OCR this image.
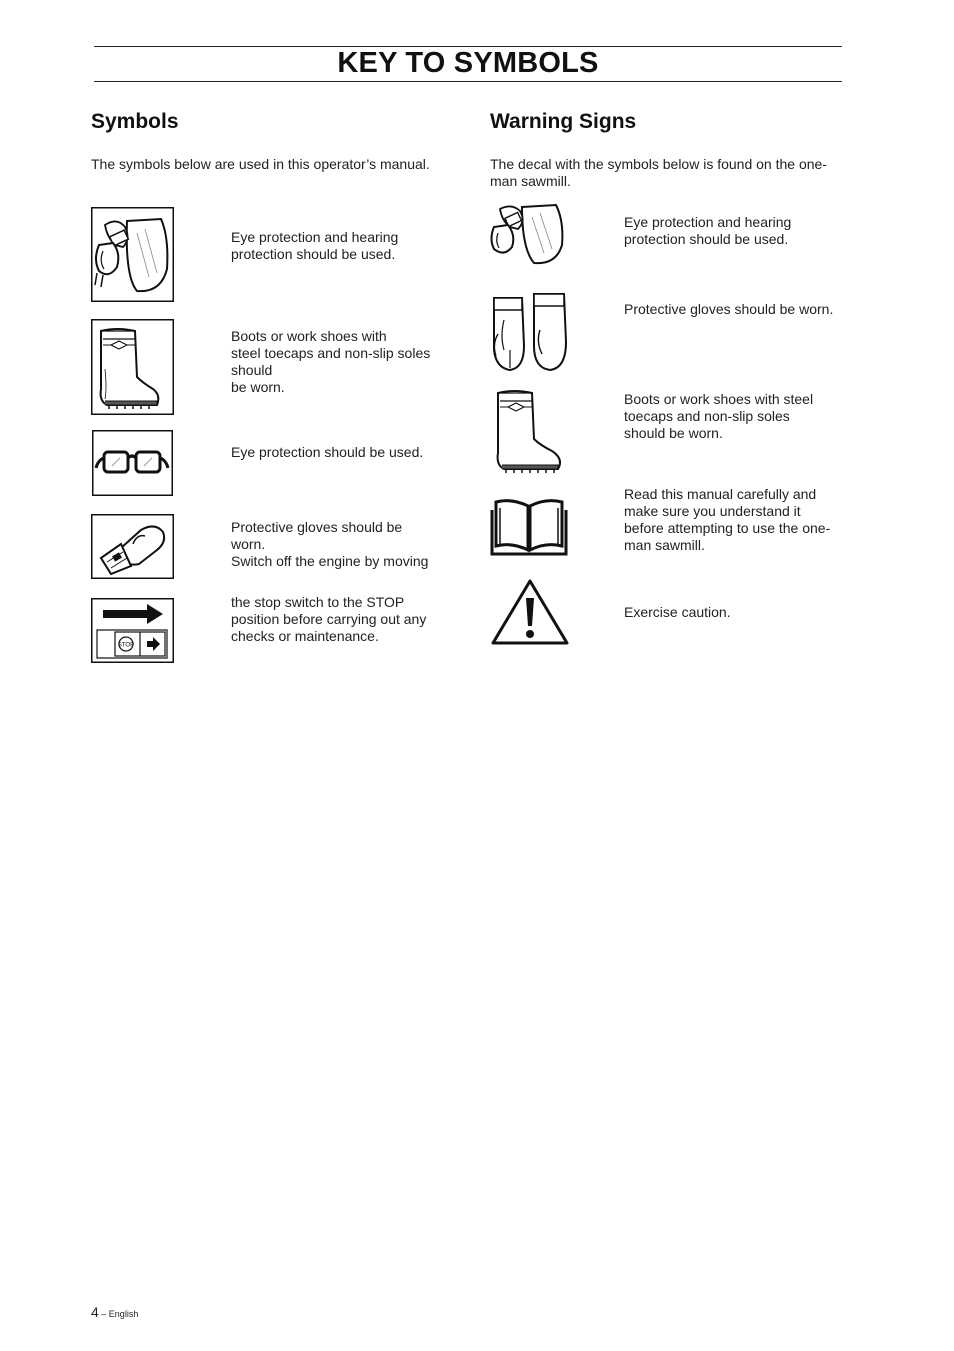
KEY TO SYMBOLS
Symbols

The symbols below are used in this operator’s manual.

Eye protection and hearing
protection should be used.

Boots or work shoes with
steel toecaps and non-slip soles
should
be worn.

Eye protection should be used.

Protective gloves should be
worn.
Switch off the engine by moving

STOP

the stop switch to the STOP
position before carrying out any
checks or maintenance.

Warning Signs

The decal with the symbols below is found on the one-
man sawmill.

Eye protection and hearing
protection should be used.

Protective gloves should be worn.

Boots or work shoes with steel
toecaps and non-slip soles
should be worn.

Read this manual carefully and
make sure you understand it
before attempting to use the one-
man sawmill.

Exercise caution.

4 – English
